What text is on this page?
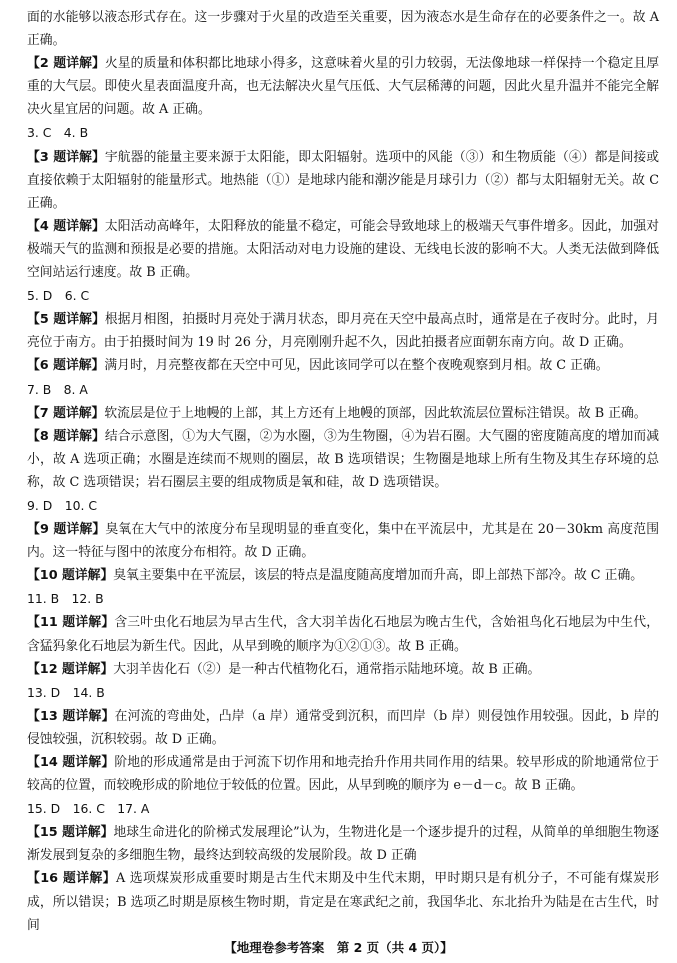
面的水能够以液态形式存在。这一步骤对于火星的改造至关重要，因为液态水是生命存在的必要条件之一。故 A 正确。

【2 题详解】火星的质量和体积都比地球小得多，这意味着火星的引力较弱，无法像地球一样保持一个稳定且厚重的大气层。即使火星表面温度升高，也无法解决火星气压低、大气层稀薄的问题，因此火星升温并不能完全解决火星宜居的问题。故 A 正确。

3. C　4. B

【3 题详解】宇航器的能量主要来源于太阳能，即太阳辐射。选项中的风能（③）和生物质能（④）都是间接或直接依赖于太阳辐射的能量形式。地热能（①）是地球内能和潮汐能是月球引力（②）都与太阳辐射无关。故 C 正确。

【4 题详解】太阳活动高峰年，太阳释放的能量不稳定，可能会导致地球上的极端天气事件增多。因此，加强对极端天气的监测和预报是必要的措施。太阳活动对电力设施的建设、无线电长波的影响不大。人类无法做到降低空间站运行速度。故 B 正确。

5. D　6. C

【5 题详解】根据月相图，拍摄时月亮处于满月状态，即月亮在天空中最高点时，通常是在子夜时分。此时，月亮位于南方。由于拍摄时间为 19 时 26 分，月亮刚刚升起不久，因此拍摄者应面朝东南方向。故 D 正确。

【6 题详解】满月时，月亮整夜都在天空中可见，因此该同学可以在整个夜晚观察到月相。故 C 正确。

7. B　8. A

【7 题详解】软流层是位于上地幔的上部，其上方还有上地幔的顶部，因此软流层位置标注错误。故 B 正确。

【8 题详解】结合示意图，①为大气圈，②为水圈，③为生物圈，④为岩石圈。大气圈的密度随高度的增加而减小，故 A 选项正确；水圈是连续而不规则的圈层，故 B 选项错误；生物圈是地球上所有生物及其生存环境的总称，故 C 选项错误；岩石圈层主要的组成物质是氧和硅，故 D 选项错误。

9. D　10. C

【9 题详解】臭氧在大气中的浓度分布呈现明显的垂直变化，集中在平流层中，尤其是在 20－30km 高度范围内。这一特征与图中的浓度分布相符。故 D 正确。

【10 题详解】臭氧主要集中在平流层，该层的特点是温度随高度增加而升高，即上部热下部冷。故 C 正确。

11. B　12. B

【11 题详解】含三叶虫化石地层为早古生代，含大羽羊齿化石地层为晚古生代，含始祖鸟化石地层为中生代，含猛犸象化石地层为新生代。因此，从早到晚的顺序为①②①③。故 B 正确。

【12 题详解】大羽羊齿化石（②）是一种古代植物化石，通常指示陆地环境。故 B 正确。

13. D　14. B

【13 题详解】在河流的弯曲处，凸岸（a 岸）通常受到沉积，而凹岸（b 岸）则侵蚀作用较强。因此，b 岸的侵蚀较强，沉积较弱。故 D 正确。

【14 题详解】阶地的形成通常是由于河流下切作用和地壳抬升作用共同作用的结果。较早形成的阶地通常位于较高的位置，而较晚形成的阶地位于较低的位置。因此，从早到晚的顺序为 e－d－c。故 B 正确。

15. D　16. C　17. A

【15 题详解】地球生命进化的阶梯式发展理论”认为，生物进化是一个逐步提升的过程，从简单的单细胞生物逐渐发展到复杂的多细胞生物，最终达到较高级的发展阶段。故 D 正确

【16 题详解】A 选项煤炭形成重要时期是古生代末期及中生代末期，甲时期只是有机分子，不可能有煤炭形成，所以错误；B 选项乙时期是原核生物时期，肯定是在寒武纪之前，我国华北、东北抬升为陆是在古生代，时间

【地理卷参考答案　第 2 页（共 4 页）】
